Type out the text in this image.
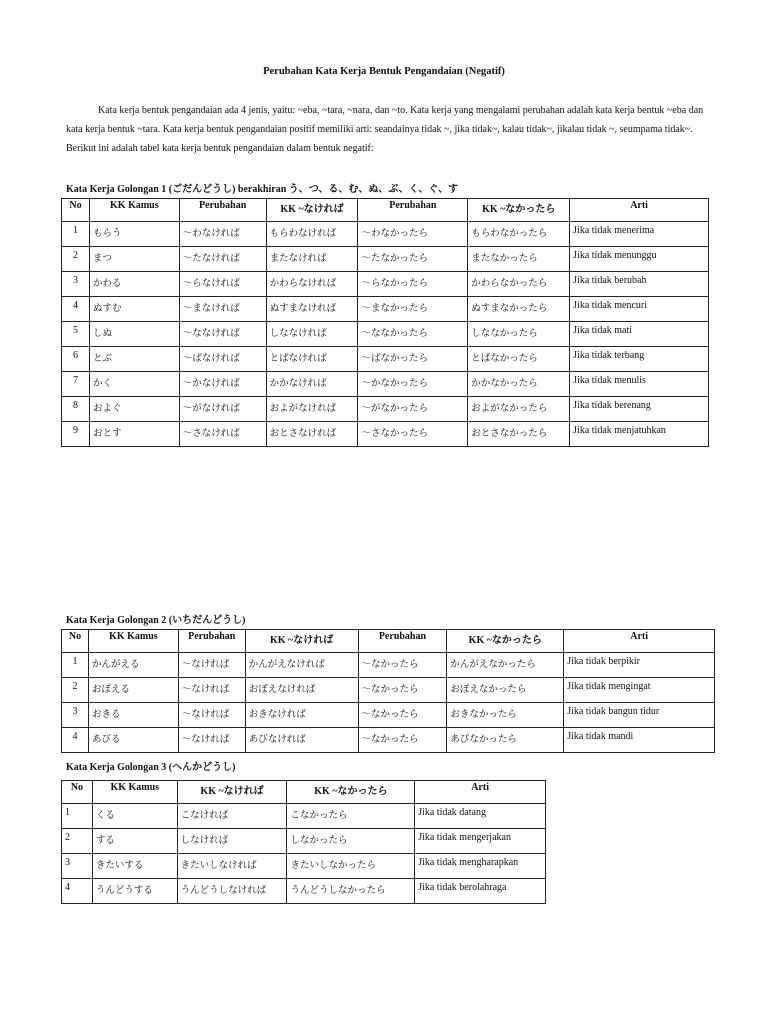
Perubahan Kata Kerja Bentuk Pengandaian (Negatif)
Kata kerja bentuk pengandaian ada 4 jenis, yaitu: ~eba, ~tara, ~nara, dan ~to. Kata kerja yang mengalami perubahan adalah kata kerja bentuk ~eba dan kata kerja bentuk ~tara. Kata kerja bentuk pengandaian positif memiliki arti: seandainya tidak ~, jika tidak~, kalau tidak~, jikalau tidak ~, seumpama tidak~. Berikut ini adalah tabel kata kerja bentuk pengandaian dalam bentuk negatif:
Kata Kerja Golongan 1 (ごだんどうし) berakhiran う、つ、る、む、ぬ、ぶ、く、ぐ、す
No	KK Kamus	Perubahan	KK ~なければ	Perubahan	KK ~なかったら	Arti
1	もらう	～わなければ	もらわなければ	～わなかったら	もらわなかったら	Jika tidak menerima
2	まつ	～たなければ	またなければ	～たなかったら	またなかったら	Jika tidak menunggu
3	かわる	～らなければ	かわらなければ	～らなかったら	かわらなかったら	Jika tidak berubah
4	ぬすむ	～まなければ	ぬすまなければ	～まなかったら	ぬすまなかったら	Jika tidak mencuri
5	しぬ	～ななければ	しななければ	～ななかったら	しななかったら	Jika tidak mati
6	とぶ	～ばなければ	とばなければ	～ばなかったら	とばなかったら	Jika tidak terbang
7	かく	～かなければ	かかなければ	～かなかったら	かかなかったら	Jika tidak menulis
8	およぐ	～がなければ	およがなければ	～がなかったら	およがなかったら	Jika tidak berenang
9	おとす	～さなければ	おとさなければ	～さなかったら	おとさなかったら	Jika tidak menjatuhkan
Kata Kerja Golongan 2 (いちだんどうし)
No	KK Kamus	Perubahan	KK ~なければ	Perubahan	KK ~なかったら	Arti
1	かんがえる	～なければ	かんがえなければ	～なかったら	かんがえなかったら	Jika tidak berpikir
2	おぼえる	～なければ	おぼえなければ	～なかったら	おぼえなかったら	Jika tidak mengingat
3	おきる	～なければ	おきなければ	～なかったら	おきなかったら	Jika tidak bangun tidur
4	あびる	～なければ	あびなければ	～なかったら	あびなかったら	Jika tidak mandi
Kata Kerja Golongan 3 (へんかどうし)
No	KK Kamus	KK ~なければ	KK ~なかったら	Arti
1	くる	こなければ	こなかったら	Jika tidak datang
2	する	しなければ	しなかったら	Jika tidak mengerjakan
3	きたいする	きたいしなければ	きたいしなかったら	Jika tidak mengharapkan
4	うんどうする	うんどうしなければ	うんどうしなかったら	Jika tidak berolahraga
